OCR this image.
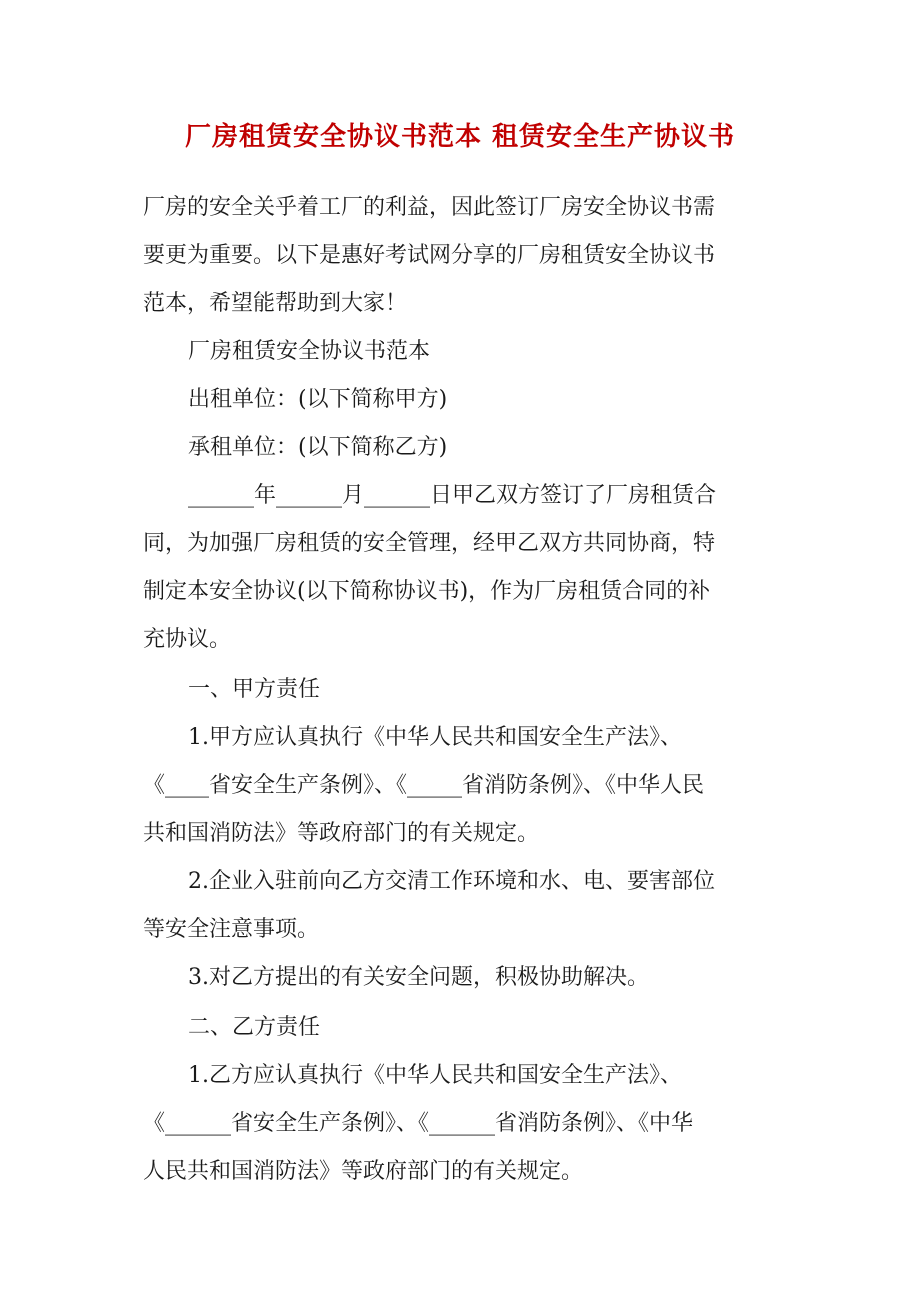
厂房租赁安全协议书范本 租赁安全生产协议书

厂房的安全关乎着工厂的利益，因此签订厂房安全协议书需

要更为重要。以下是惠好考试网分享的厂房租赁安全协议书

范本，希望能帮助到大家！

厂房租赁安全协议书范本

出租单位：(以下简称甲方)

承租单位：(以下简称乙方)

______年______月______日甲乙双方签订了厂房租赁合

同，为加强厂房租赁的安全管理，经甲乙双方共同协商，特

制定本安全协议(以下简称协议书)，作为厂房租赁合同的补

充协议。

一、甲方责任

1.甲方应认真执行《中华人民共和国安全生产法》、

《____省安全生产条例》、《_____省消防条例》、《中华人民

共和国消防法》等政府部门的有关规定。

2.企业入驻前向乙方交清工作环境和水、电、要害部位

等安全注意事项。

3.对乙方提出的有关安全问题，积极协助解决。

二、乙方责任

1.乙方应认真执行《中华人民共和国安全生产法》、

《______省安全生产条例》、《______省消防条例》、《中华

人民共和国消防法》等政府部门的有关规定。
